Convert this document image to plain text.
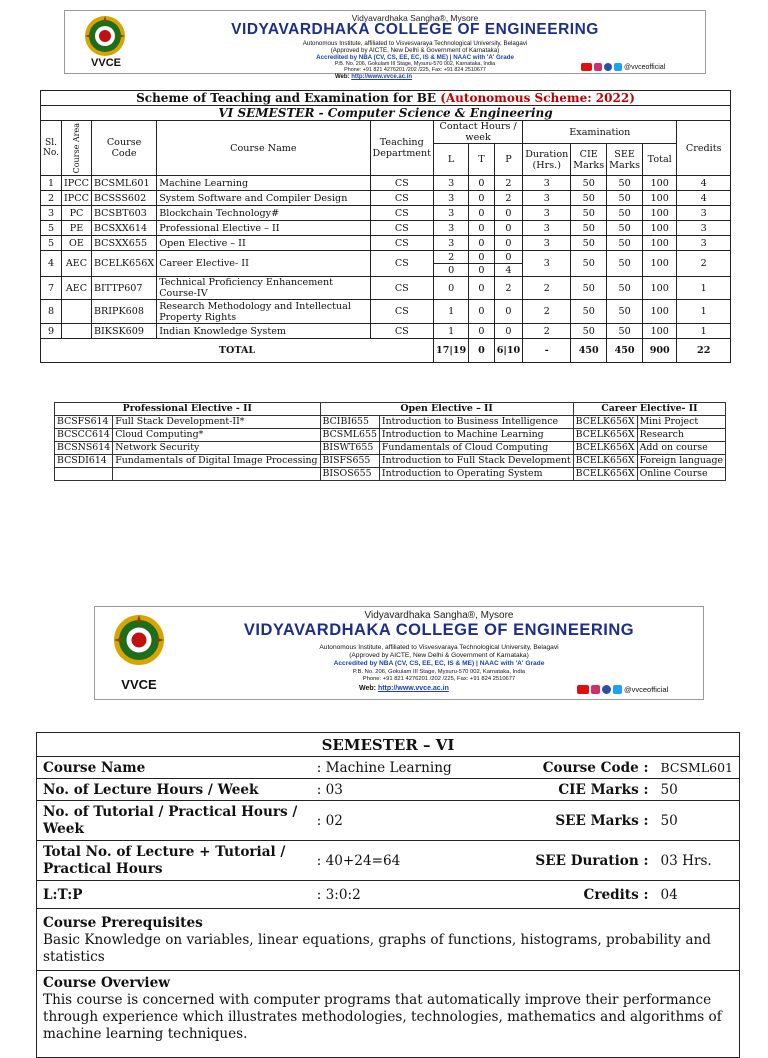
VVCE
Vidyavardhaka Sangha®, Mysore
VIDYAVARDHAKA COLLEGE OF ENGINEERING
Autonomous Institute, affiliated to Visvesvaraya Technological University, Belagavi
(Approved by AICTE, New Delhi & Government of Karnataka)
Accredited by NBA (CV, CS, EE, EC, IS & ME) | NAAC with 'A' Grade
P.B. No. 206, Gokulam III Stage, Mysuru-570 002, Karnataka, India
Phone: +91 821 4276201 /202 /225, Fax: +91 824 2510677
Web: http://www.vvce.ac.in
@vvceofficial
Scheme of Teaching and Examination for BE (Autonomous Scheme: 2022)												
VI SEMESTER - Computer Science & Engineering												
Sl. No.	Course Area	Course Code	Course Name	Teaching Department	Contact Hours / week			Examination				Credits
					L	T	P	Duration (Hrs.)	CIE Marks	SEE Marks	Total	
1	IPCC	BCSML601	Machine Learning	CS	3	0	2	3	50	50	100	4
2	IPCC	BCSSS602	System Software and Compiler Design	CS	3	0	2	3	50	50	100	4
3	PC	BCSBT603	Blockchain Technology#	CS	3	0	0	3	50	50	100	3
5	PE	BCSXX614	Professional Elective – II	CS	3	0	0	3	50	50	100	3
5	OE	BCSXX655	Open Elective – II	CS	3	0	0	3	50	50	100	3
4	AEC	BCELK656X	Career Elective- II	CS	2	0	0	3	50	50	100	2
					0	0	4					
7	AEC	BITTP607	Technical Proficiency Enhancement Course-IV	CS	0	0	2	2	50	50	100	1
8		BRIPK608	Research Methodology and Intellectual Property Rights	CS	1	0	0	2	50	50	100	1
9		BIKSK609	Indian Knowledge System	CS	1	0	0	2	50	50	100	1
TOTAL					17|19	0	6|10	-	450	450	900	22
Professional Elective - II		Open Elective – II		Career Elective- II	
BCSFS614	Full Stack Development-II*	BCIBI655	Introduction to Business Intelligence	BCELK656X	Mini Project
BCSCC614	Cloud Computing*	BCSML655	Introduction to Machine Learning	BCELK656X	Research
BCSNS614	Network Security	BISWT655	Fundamentals of Cloud Computing	BCELK656X	Add on course
BCSDI614	Fundamentals of Digital Image Processing	BISFS655	Introduction to Full Stack Development	BCELK656X	Foreign language
		BISOS655	Introduction to Operating System	BCELK656X	Online Course
VVCE
Vidyavardhaka Sangha®, Mysore
VIDYAVARDHAKA COLLEGE OF ENGINEERING
Autonomous Institute, affiliated to Visvesvaraya Technological University, Belagavi
(Approved by AICTE, New Delhi & Government of Karnataka)
Accredited by NBA (CV, CS, EE, EC, IS & ME) | NAAC with 'A' Grade
P.B. No. 206, Gokulam III Stage, Mysuru-570 002, Karnataka, India
Phone: +91 821 4276201 /202 /225, Fax: +91 824 2510677
Web: http://www.vvce.ac.in	@vvceofficial
SEMESTER – VI			
Course Name	: Machine Learning	Course Code :	BCSML601
No. of Lecture Hours / Week	: 03	CIE Marks :	50
No. of Tutorial / Practical Hours / Week	: 02	SEE Marks :	50
Total No. of Lecture + Tutorial / Practical Hours	: 40+24=64	SEE Duration :	03 Hrs.
L:T:P	: 3:0:2	Credits :	04

Course Prerequisites
Basic Knowledge on variables, linear equations, graphs of functions, histograms, probability and statistics			

Course Overview
This course is concerned with computer programs that automatically improve their performance through experience which illustrates methodologies, technologies, mathematics and algorithms of machine learning techniques.			
